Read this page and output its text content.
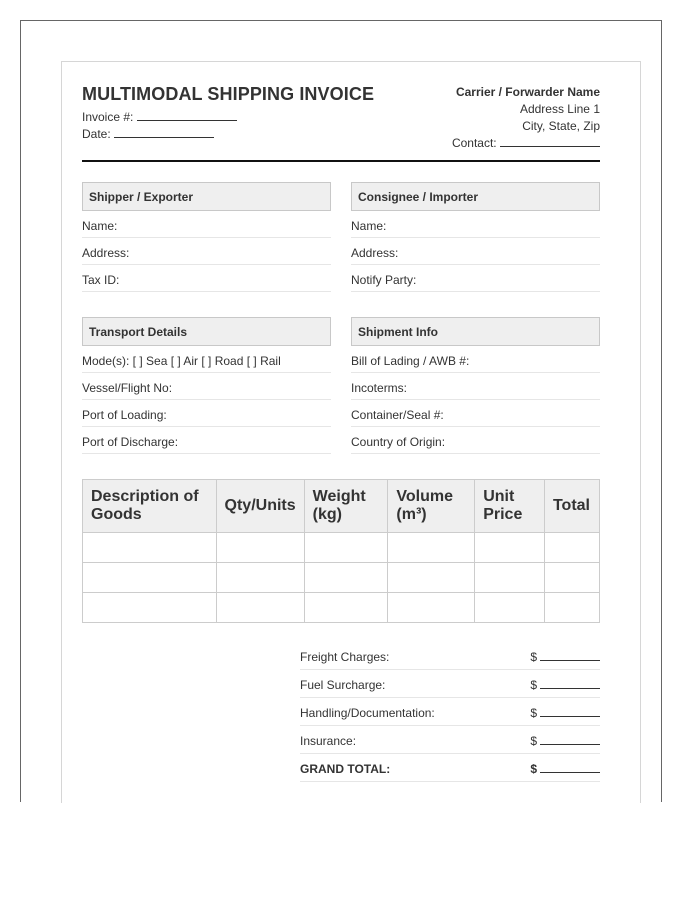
MULTIMODAL SHIPPING INVOICE
Invoice #:
Date:
Carrier / Forwarder Name
Address Line 1
City, State, Zip
Contact:
Shipper / Exporter
Name:
Address:
Tax ID:
Consignee / Importer
Name:
Address:
Notify Party:
Transport Details
Mode(s): [ ] Sea [ ] Air [ ] Road [ ] Rail
Vessel/Flight No:
Port of Loading:
Port of Discharge:
Shipment Info
Bill of Lading / AWB #:
Incoterms:
Container/Seal #:
Country of Origin:
Description of Goods	Qty/Units	Weight (kg)	Volume (m³)	Unit Price	Total

Freight Charges:	$
Fuel Surcharge:	$
Handling/Documentation:	$
Insurance:	$
GRAND TOTAL:	$
